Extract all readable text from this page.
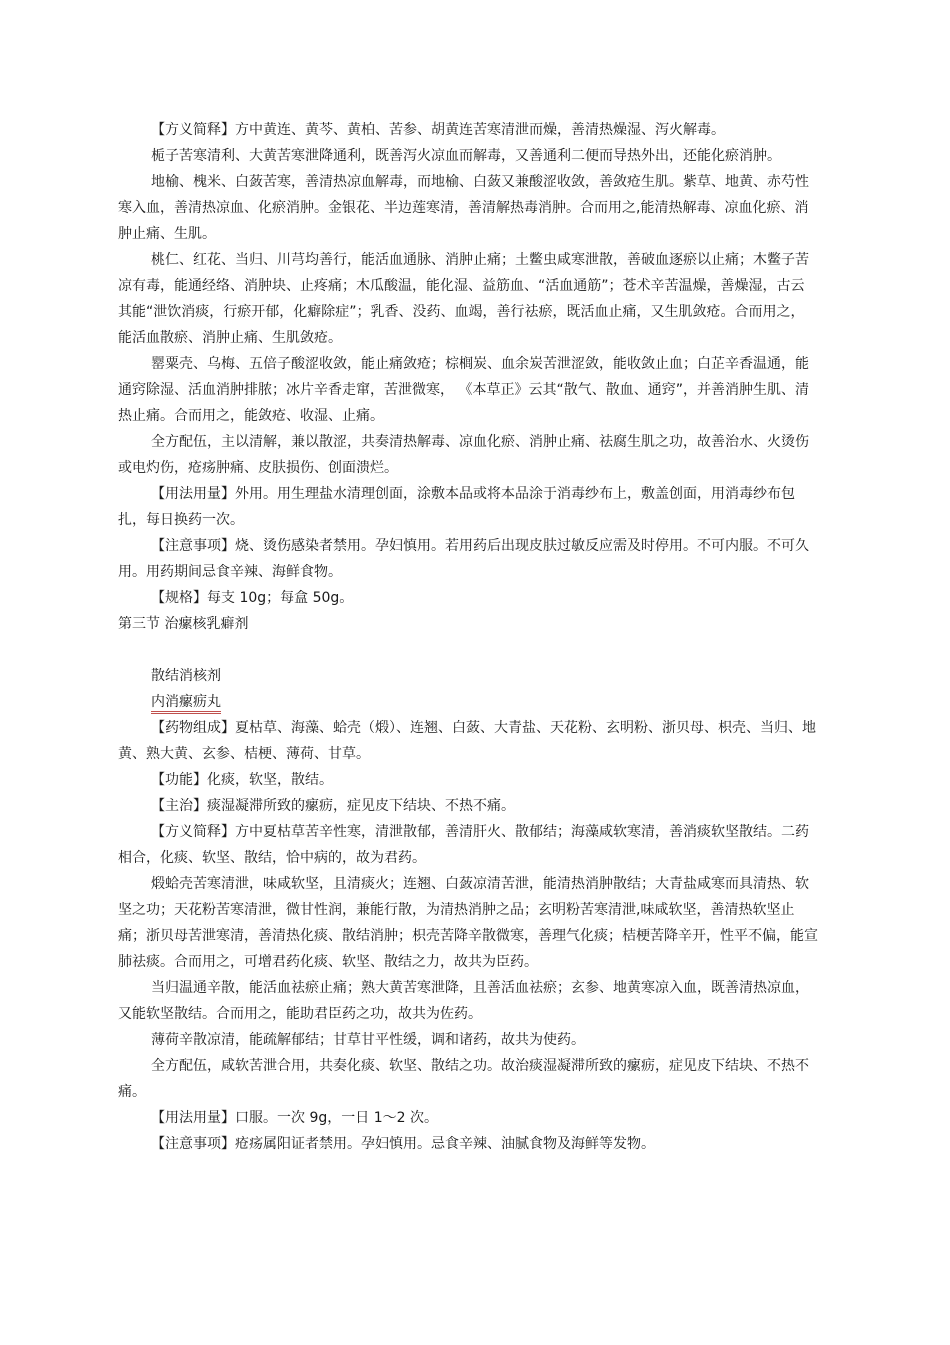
【方义简释】方中黄连、黄芩、黄柏、苦参、胡黄连苦寒清泄而燥，善清热燥湿、泻火解毒。

栀子苦寒清利、大黄苦寒泄降通利，既善泻火凉血而解毒，又善通利二便而导热外出，还能化瘀消肿。

地榆、槐米、白蔹苦寒，善清热凉血解毒，而地榆、白蔹又兼酸涩收敛，善敛疮生肌。紫草、地黄、赤芍性寒入血，善清热凉血、化瘀消肿。金银花、半边莲寒清，善清解热毒消肿。合而用之,能清热解毒、凉血化瘀、消肿止痛、生肌。

桃仁、红花、当归、川芎均善行，能活血通脉、消肿止痛；土鳖虫咸寒泄散，善破血逐瘀以止痛；木鳖子苦凉有毒，能通经络、消肿块、止疼痛；木瓜酸温，能化湿、益筋血、“活血通筋”；苍术辛苦温燥，善燥湿，古云其能“泄饮消痰，行瘀开郁，化癖除症”；乳香、没药、血竭，善行祛瘀，既活血止痛，又生肌敛疮。合而用之，能活血散瘀、消肿止痛、生肌敛疮。

罂粟壳、乌梅、五倍子酸涩收敛，能止痛敛疮；棕榈炭、血余炭苦泄涩敛，能收敛止血；白芷辛香温通，能通窍除湿、活血消肿排脓；冰片辛香走窜，苦泄微寒， 《本草正》云其“散气、散血、通窍”，并善消肿生肌、清热止痛。合而用之，能敛疮、收湿、止痛。

全方配伍，主以清解，兼以散涩，共奏清热解毒、凉血化瘀、消肿止痛、祛腐生肌之功，故善治水、火烫伤或电灼伤，疮疡肿痛、皮肤损伤、创面溃烂。

【用法用量】外用。用生理盐水清理创面，涂敷本品或将本品涂于消毒纱布上，敷盖创面，用消毒纱布包扎，每日换药一次。

【注意事项】烧、烫伤感染者禁用。孕妇慎用。若用药后出现皮肤过敏反应需及时停用。不可内服。不可久用。用药期间忌食辛辣、海鲜食物。

【规格】每支 10g；每盒 50g。

第三节 治瘰核乳癖剂

散结消核剂

内消瘰疬丸

【药物组成】夏枯草、海藻、蛤壳（煅）、连翘、白蔹、大青盐、天花粉、玄明粉、浙贝母、枳壳、当归、地黄、熟大黄、玄参、桔梗、薄荷、甘草。

【功能】化痰，软坚，散结。

【主治】痰湿凝滞所致的瘰疬，症见皮下结块、不热不痛。

【方义简释】方中夏枯草苦辛性寒，清泄散郁，善清肝火、散郁结；海藻咸软寒清，善消痰软坚散结。二药相合，化痰、软坚、散结，恰中病的，故为君药。

煅蛤壳苦寒清泄，味咸软坚，且清痰火；连翘、白蔹凉清苦泄，能清热消肿散结；大青盐咸寒而具清热、软坚之功；天花粉苦寒清泄，微甘性润，兼能行散，为清热消肿之品；玄明粉苦寒清泄,味咸软坚，善清热软坚止痛；浙贝母苦泄寒清，善清热化痰、散结消肿；枳壳苦降辛散微寒，善理气化痰；桔梗苦降辛开，性平不偏，能宣肺祛痰。合而用之，可增君药化痰、软坚、散结之力，故共为臣药。

当归温通辛散，能活血祛瘀止痛；熟大黄苦寒泄降，且善活血祛瘀；玄参、地黄寒凉入血，既善清热凉血，又能软坚散结。合而用之，能助君臣药之功，故共为佐药。

薄荷辛散凉清，能疏解郁结；甘草甘平性缓，调和诸药，故共为使药。

全方配伍，咸软苦泄合用，共奏化痰、软坚、散结之功。故治痰湿凝滞所致的瘰疬，症见皮下结块、不热不痛。

【用法用量】口服。一次 9g，一日 1～2 次。

【注意事项】疮疡属阳证者禁用。孕妇慎用。忌食辛辣、油腻食物及海鲜等发物。
